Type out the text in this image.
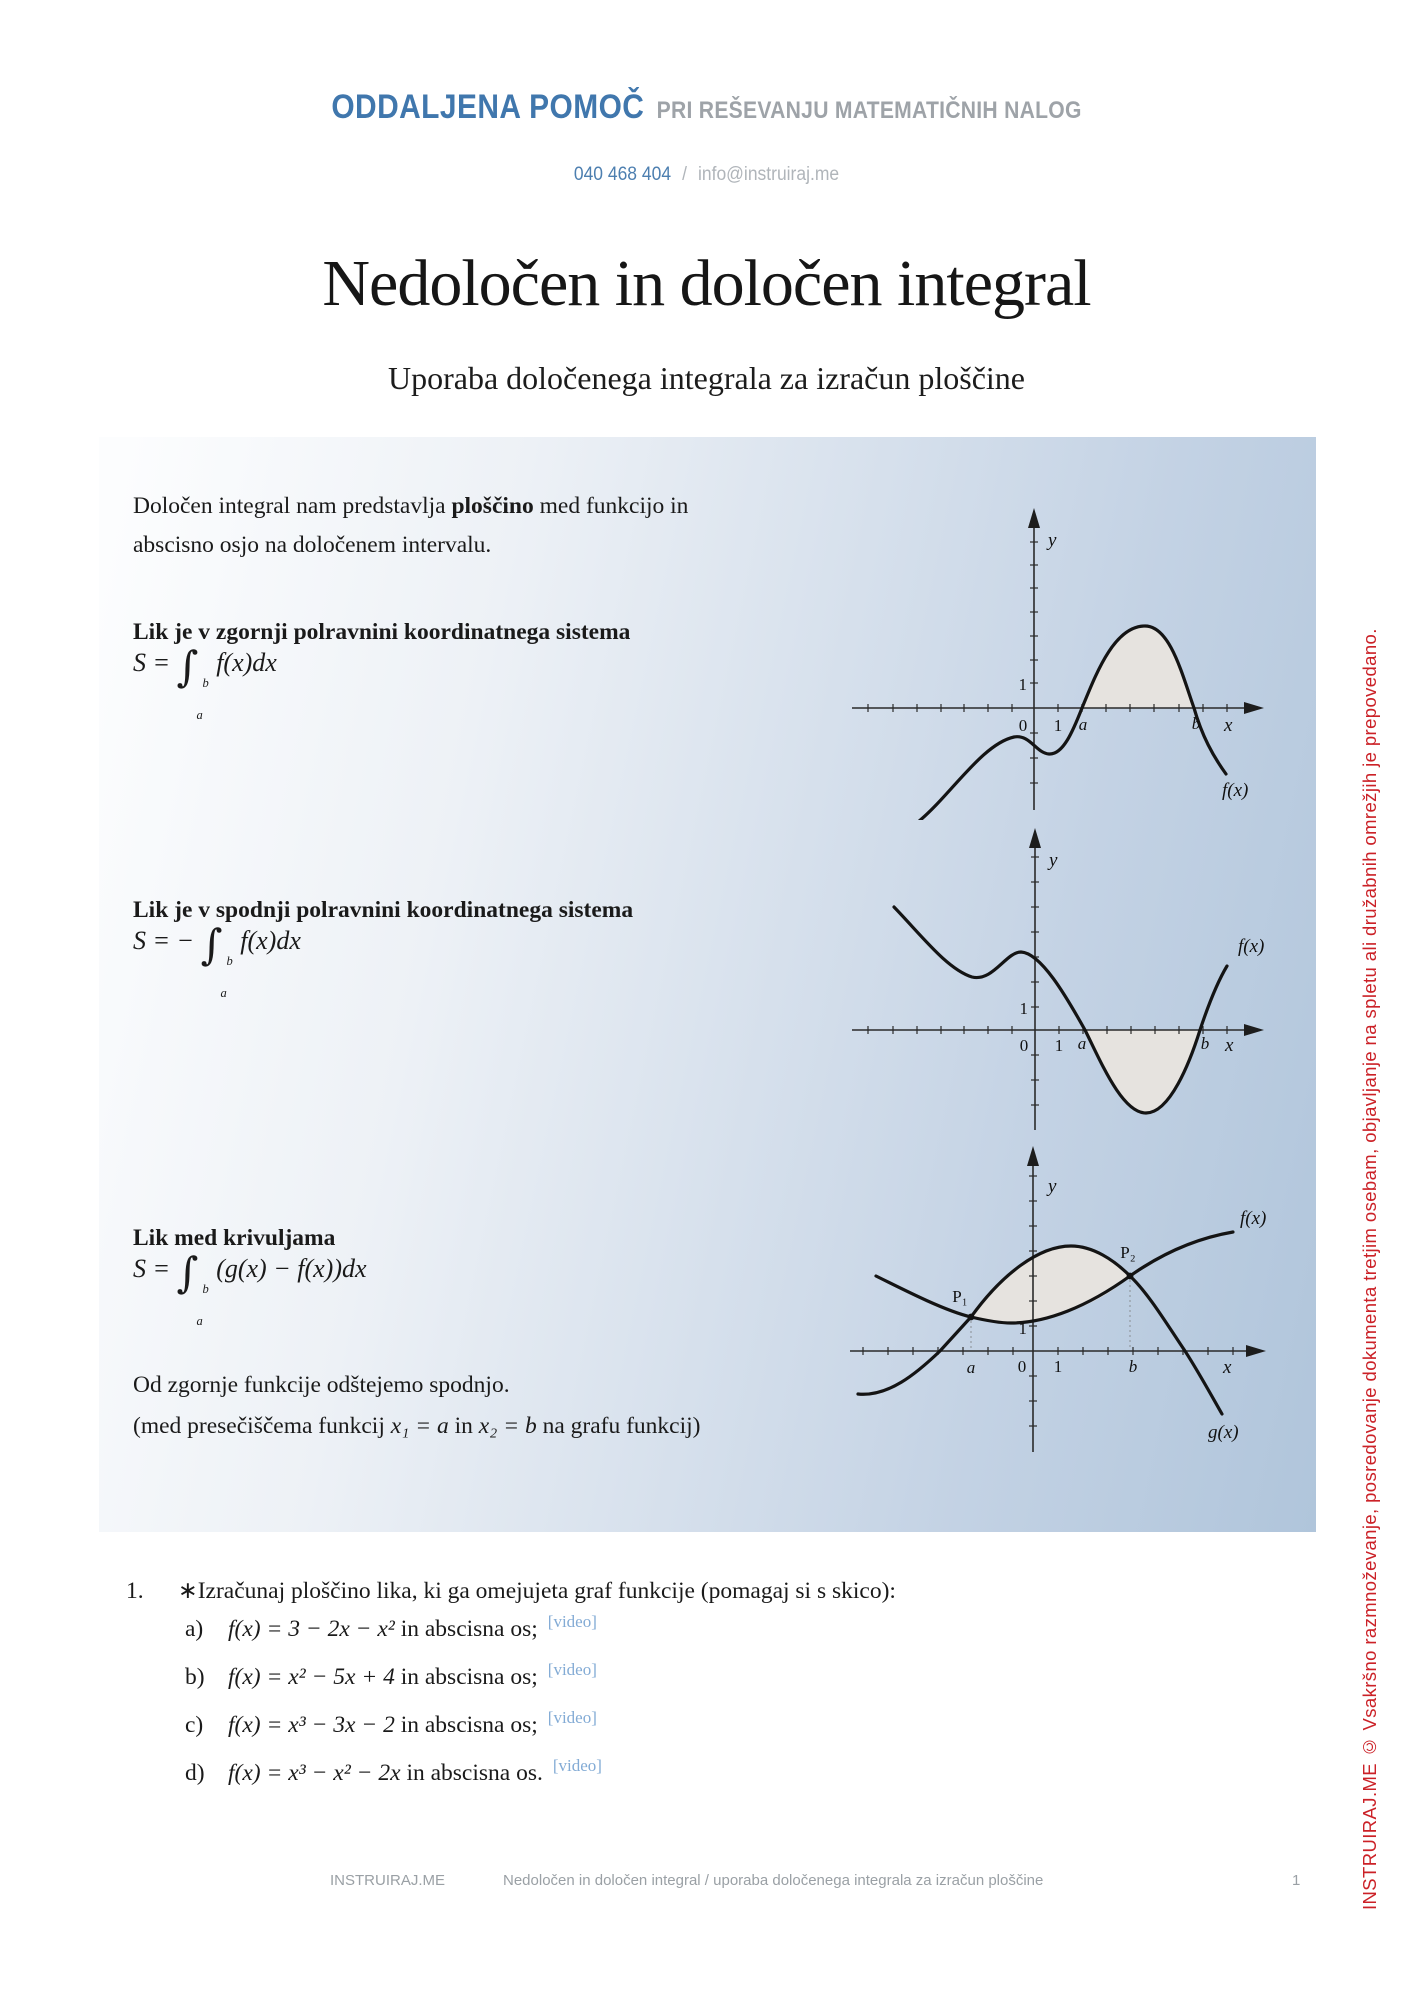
ODDALJENA POMOČ PRI REŠEVANJU MATEMATIČNIH NALOG
040 468 404 / info@instruiraj.me
Nedoločen in določen integral
Uporaba določenega integrala za izračun ploščine
Določen integral nam predstavlja ploščino med funkcijo in
abscisno osjo na določenem intervalu.
Lik je v zgornji polravnini koordinatnega sistema
S = ∫ b
a
f(x)dx
Lik je v spodnji polravnini koordinatnega sistema
S = − ∫ b
a
f(x)dx
Lik med krivuljama
S = ∫ b
a
(g(x) − f(x))dx
Od zgornje funkcije odštejemo spodnjo.
(med presečiščema funkcij x₁ = a in x₂ = b na grafu funkcij)
y
1
0 1 a	b x
f(x)
y
1
0 1 a	b x
f(x)
y
1
0 1
a	b	x
P₁
P₂
f(x)
g(x)
1. ∗Izračunaj ploščino lika, ki ga omejujeta graf funkcije (pomagaj si s skico):
a) f(x) = 3 − 2x − x² in abscisna os; [video]
b) f(x) = x² − 5x + 4 in abscisna os; [video]
c) f(x) = x³ − 3x − 2 in abscisna os; [video]
d) f(x) = x³ − x² − 2x in abscisna os. [video]
INSTRUIRAJ.ME	Nedoločen in določen integral / uporaba določenega integrala za izračun ploščine	1	INSTRUIRAJ.ME © Vsakršno razmnoževanje, posredovanje dokumenta tretjim osebam, objavljanje na spletu ali družabnih omrežjih je prepovedano.
